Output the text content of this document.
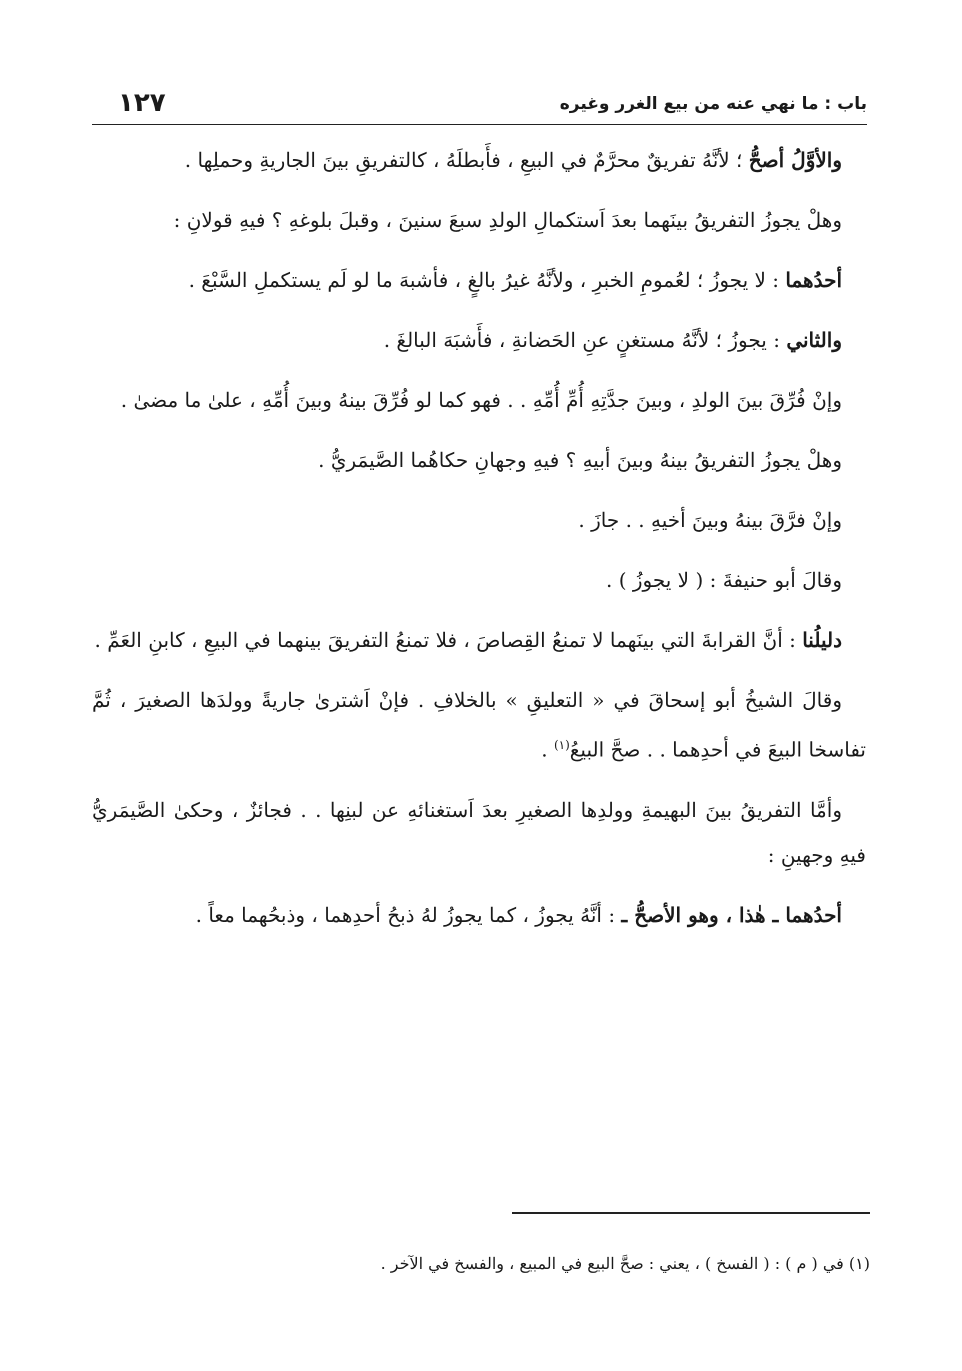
باب : ما نهي عنه من بيع الغرر وغيره
١٢٧

والأوَّلُ أصحُّ ؛ لأنَّهُ تفريقٌ محرَّمٌ في البيعِ ، فأَبطلَهُ ، كالتفريقِ بينَ الجاريةِ وحملِها .

وهلْ يجوزُ التفريقُ بينَهما بعدَ اَستكمالِ الولدِ سبعَ سنينَ ، وقبلَ بلوغهِ ؟ فيهِ قولانِ :

أحدُهما : لا يجوزُ ؛ لعُمومِ الخبرِ ، ولأنَّهُ غيرُ بالغٍ ، فأشبهَ ما لو لَم يستكملِ السَّبْعَ .

والثاني : يجوزُ ؛ لأنَّهُ مستغنٍ عنِ الحَضانةِ ، فأَشبَهَ البالغَ .

وإنْ فُرِّقَ بينَ الولدِ ، وبينَ جدَّتِهِ أُمِّ أُمِّهِ . . فهو كما لو فُرِّقَ بينهُ وبينَ أُمِّهِ ، علىٰ ما مضىٰ .

وهلْ يجوزُ التفريقُ بينهُ وبينَ أبيهِ ؟ فيهِ وجهانِ حكاهُما الصَّيمَريُّ .

وإنْ فرَّقَ بينهُ وبينَ أخيهِ . . جازَ .

وقالَ أبو حنيفةَ : ( لا يجوزُ ) .

دليلُنا : أنَّ القرابةَ التي بينَهما لا تمنعُ القِصاصَ ، فلا تمنعُ التفريقَ بينهما في البيعِ ، كابنِ العَمِّ .

وقالَ الشيخُ أبو إسحاقَ في « التعليقِ » بالخلافِ . فإنْ اَشترىٰ جاريةً وولدَها الصغيرَ ، ثُمَّ تفاسخا البيعَ في أحدِهما . . صحَّ البيعُ$^{(١)}$ .

وأمَّا التفريقُ بينَ البهيمةِ وولدِها الصغيرِ بعدَ اَستغنائهِ عن لبنِها . . فجائزٌ ، وحكىٰ الصَّيمَريُّ فيهِ وجهينِ :

أحدُهما ـ هٰذا ، وهو الأصحُّ ـ : أنَّهُ يجوزُ ، كما يجوزُ لهُ ذبحُ أحدِهما ، وذبحُهما معاً .

(١) في ( م ) : ( الفسخ ) ، يعني : صحَّ البيع في المبيع ، والفسخ في الآخر .
